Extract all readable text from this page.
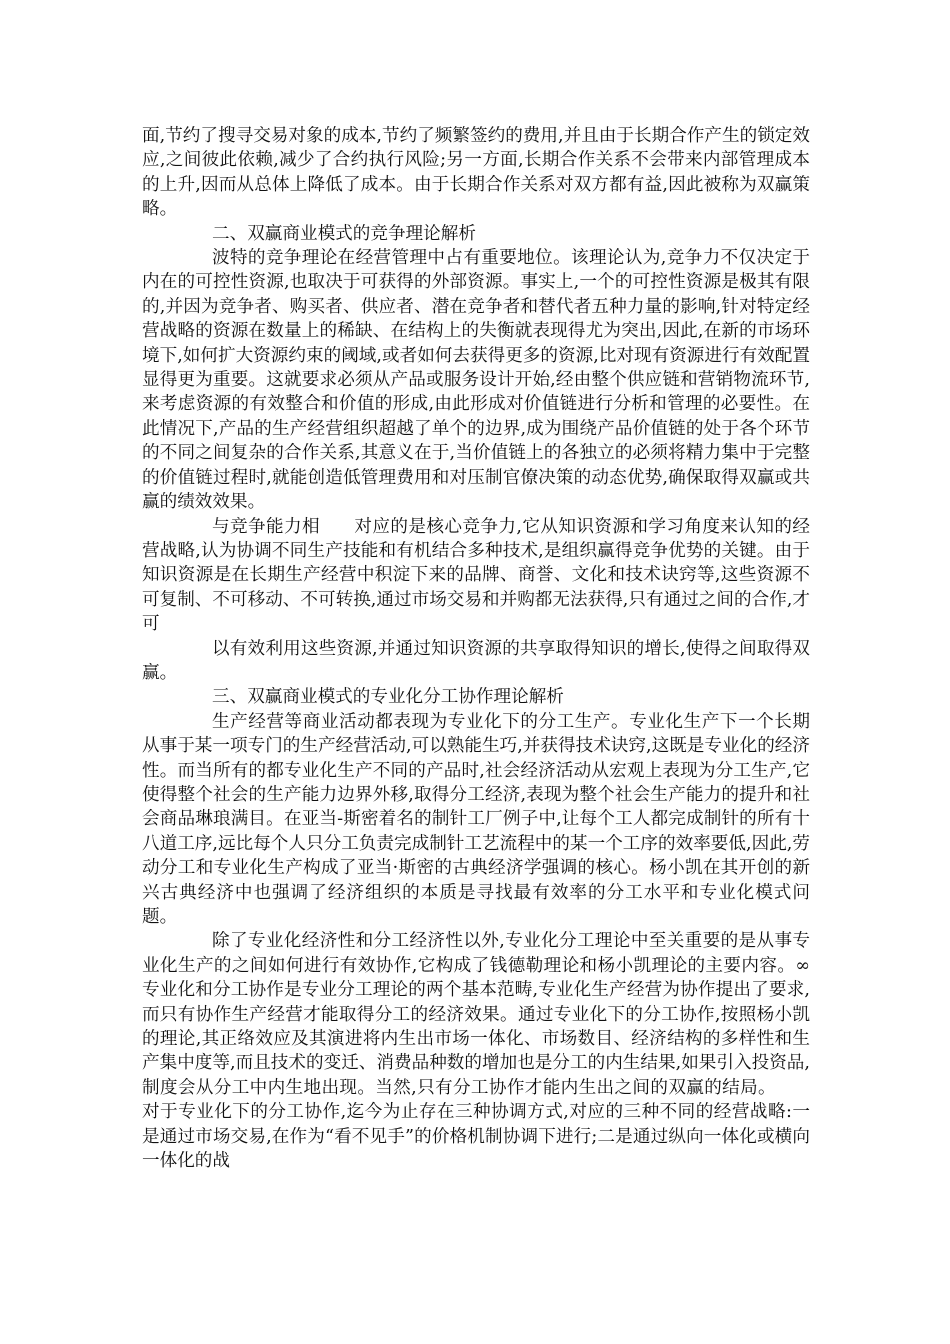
面,节约了搜寻交易对象的成本,节约了频繁签约的费用,并且由于长期合作产生的锁定效应,之间彼此依赖,减少了合约执行风险;另一方面,长期合作关系不会带来内部管理成本的上升,因而从总体上降低了成本。由于长期合作关系对双方都有益,因此被称为双赢策略。

二、双赢商业模式的竞争理论解析

波特的竞争理论在经营管理中占有重要地位。该理论认为,竞争力不仅决定于内在的可控性资源,也取决于可获得的外部资源。事实上,一个的可控性资源是极其有限的,并因为竞争者、购买者、供应者、潜在竞争者和替代者五种力量的影响,针对特定经营战略的资源在数量上的稀缺、在结构上的失衡就表现得尤为突出,因此,在新的市场环境下,如何扩大资源约束的阈域,或者如何去获得更多的资源,比对现有资源进行有效配置显得更为重要。这就要求必须从产品或服务设计开始,经由整个供应链和营销物流环节,来考虑资源的有效整合和价值的形成,由此形成对价值链进行分析和管理的必要性。在此情况下,产品的生产经营组织超越了单个的边界,成为围绕产品价值链的处于各个环节的不同之间复杂的合作关系,其意义在于,当价值链上的各独立的必须将精力集中于完整的价值链过程时,就能创造低管理费用和对压制官僚决策的动态优势,确保取得双赢或共赢的绩效效果。

与竞争能力相 对应的是核心竞争力,它从知识资源和学习角度来认知的经营战略,认为协调不同生产技能和有机结合多种技术,是组织赢得竞争优势的关键。由于知识资源是在长期生产经营中积淀下来的品牌、商誉、文化和技术诀窍等,这些资源不可复制、不可移动、不可转换,通过市场交易和并购都无法获得,只有通过之间的合作,才可

以有效利用这些资源,并通过知识资源的共享取得知识的增长,使得之间取得双赢。

三、双赢商业模式的专业化分工协作理论解析

生产经营等商业活动都表现为专业化下的分工生产。专业化生产下一个长期从事于某一项专门的生产经营活动,可以熟能生巧,并获得技术诀窍,这既是专业化的经济性。而当所有的都专业化生产不同的产品时,社会经济活动从宏观上表现为分工生产,它使得整个社会的生产能力边界外移,取得分工经济,表现为整个社会生产能力的提升和社会商品琳琅满目。在亚当-斯密着名的制针工厂例子中,让每个工人都完成制针的所有十八道工序,远比每个人只分工负责完成制针工艺流程中的某一个工序的效率要低,因此,劳动分工和专业化生产构成了亚当·斯密的古典经济学强调的核心。杨小凯在其开创的新兴古典经济中也强调了经济组织的本质是寻找最有效率的分工水平和专业化模式问题。

除了专业化经济性和分工经济性以外,专业化分工理论中至关重要的是从事专业化生产的之间如何进行有效协作,它构成了钱德勒理论和杨小凯理论的主要内容。∞专业化和分工协作是专业分工理论的两个基本范畴,专业化生产经营为协作提出了要求,而只有协作生产经营才能取得分工的经济效果。通过专业化下的分工协作,按照杨小凯的理论,其正络效应及其演进将内生出市场一体化、市场数目、经济结构的多样性和生产集中度等,而且技术的变迁、消费品种数的增加也是分工的内生结果,如果引入投资品,制度会从分工中内生地出现。当然,只有分工协作才能内生出之间的双赢的结局。对于专业化下的分工协作,迄今为止存在三种协调方式,对应的三种不同的经营战略:一是通过市场交易,在作为“看不见手”的价格机制协调下进行;二是通过纵向一体化或横向一体化的战
